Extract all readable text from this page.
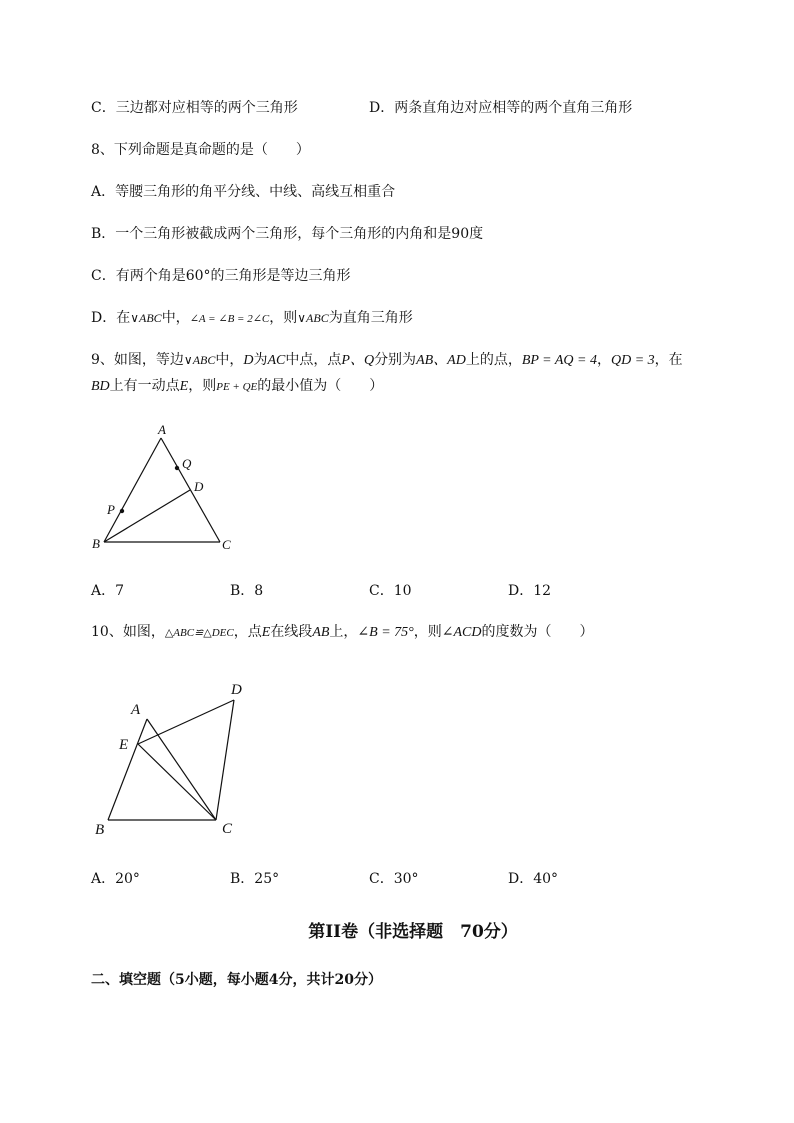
C．三边都对应相等的两个三角形	D．两条直角边对应相等的两个直角三角形
8、下列命题是真命题的是（　　）
A．等腰三角形的角平分线、中线、高线互相重合
B．一个三角形被截成两个三角形，每个三角形的内角和是90度
C．有两个角是60°的三角形是等边三角形
D．在∨ABC中，∠A = ∠B = 2∠C，则∨ABC为直角三角形
9、如图，等边∨ABC中，D为AC中点，点P、Q分别为AB、AD上的点，BP = AQ = 4，QD = 3，在
BD上有一动点E，则PE + QE的最小值为（　　）
A
Q
D
P
B	C
A．7	B．8	C．10	D．12
10、如图，△ABC≌△DEC，点E在线段AB上，∠B = 75°，则∠ACD的度数为（　　）
A
D
E
B	C
A．20°	B．25°	C．30°	D．40°
第II卷（非选择题　70分）
二、填空题（5小题，每小题4分，共计20分）
